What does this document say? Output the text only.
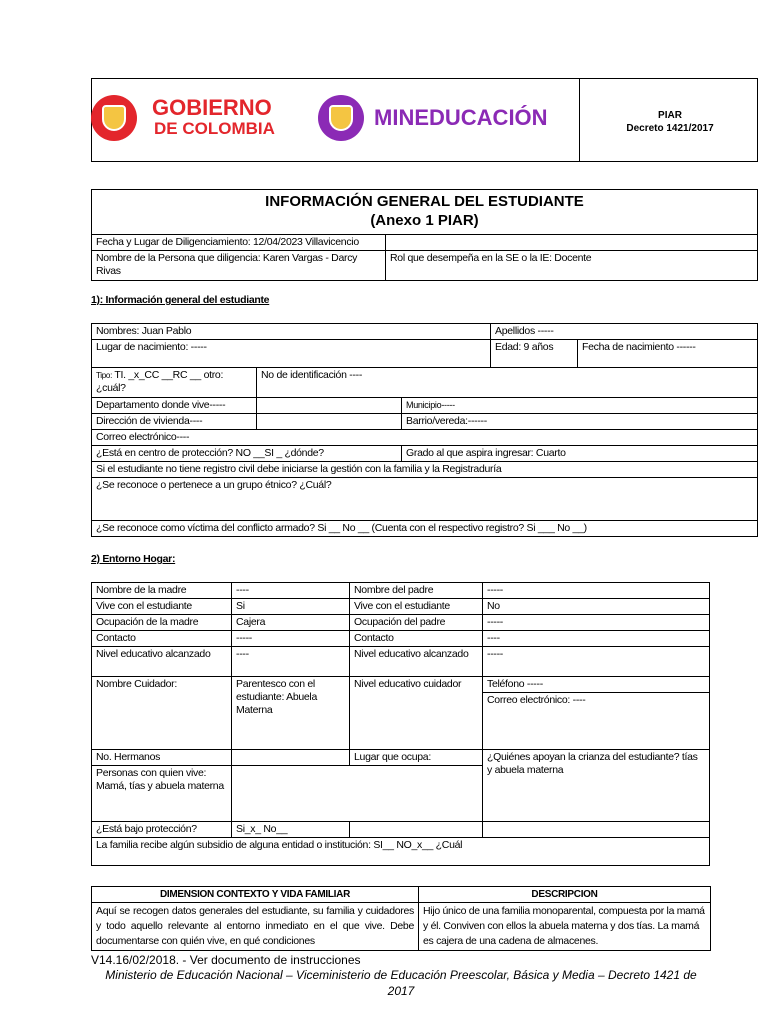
GOBIERNO
DE COLOMBIA	MINEDUCACIÓN	PIAR
Decreto 1421/2017
INFORMACIÓN GENERAL DEL ESTUDIANTE
(Anexo 1 PIAR)	

Fecha y Lugar de Diligenciamiento: 12/04/2023 Villavicencio	
Nombre de la Persona que diligencia: Karen Vargas - Darcy Rivas	Rol que desempeña en la SE o la IE: Docente
1): Información general del estudiante
Nombres: Juan Pablo			Apellidos -----	
Lugar de nacimiento: -----			Edad: 9 años	Fecha de nacimiento ------
Tipo: TI. _x_CC __RC __ otro: ¿cuál?	No de identificación ----			
Departamento donde vive-----		Municipio-----		
Dirección de vivienda----		Barrio/vereda:------		
Correo electrónico----				
¿Está en centro de protección? NO __SI _ ¿dónde?		Grado al que aspira ingresar: Cuarto		
Si el estudiante no tiene registro civil debe iniciarse la gestión con la familia y la Registraduría				
¿Se reconoce o pertenece a un grupo étnico? ¿Cuál?				
¿Se reconoce como víctima del conflicto armado? Si __ No __ (Cuenta con el respectivo registro? Si ___ No __)				
2) Entorno Hogar:
Nombre de la madre	----	Nombre del padre	-----
Vive con el estudiante	Si	Vive con el estudiante	No
Ocupación de la madre	Cajera	Ocupación del padre	-----
Contacto	-----	Contacto	----
Nivel educativo alcanzado	----	Nivel educativo alcanzado	-----
Nombre Cuidador:	Parentesco con el estudiante: Abuela Materna	Nivel educativo cuidador	Teléfono -----
			Correo electrónico: ----
No. Hermanos		Lugar que ocupa:	¿Quiénes apoyan la crianza del estudiante? tías y abuela materna
Personas con quien vive: Mamá, tías y abuela materna			
¿Está bajo protección?	Si_x_ No__		
La familia recibe algún subsidio de alguna entidad o institución: SI__ NO_x__ ¿Cuál			
DIMENSION CONTEXTO Y VIDA FAMILIAR	DESCRIPCION
Aquí se recogen datos generales del estudiante, su familia y cuidadores y todo aquello relevante al entorno inmediato en el que vive. Debe documentarse con quién vive, en qué condiciones	Hijo único de una familia monoparental, compuesta por la mamá y él. Conviven con ellos la abuela materna y dos tías. La mamá es cajera de una cadena de almacenes.
V14.16/02/2018. - Ver documento de instrucciones
Ministerio de Educación Nacional – Viceministerio de Educación Preescolar, Básica y Media – Decreto 1421 de 2017
